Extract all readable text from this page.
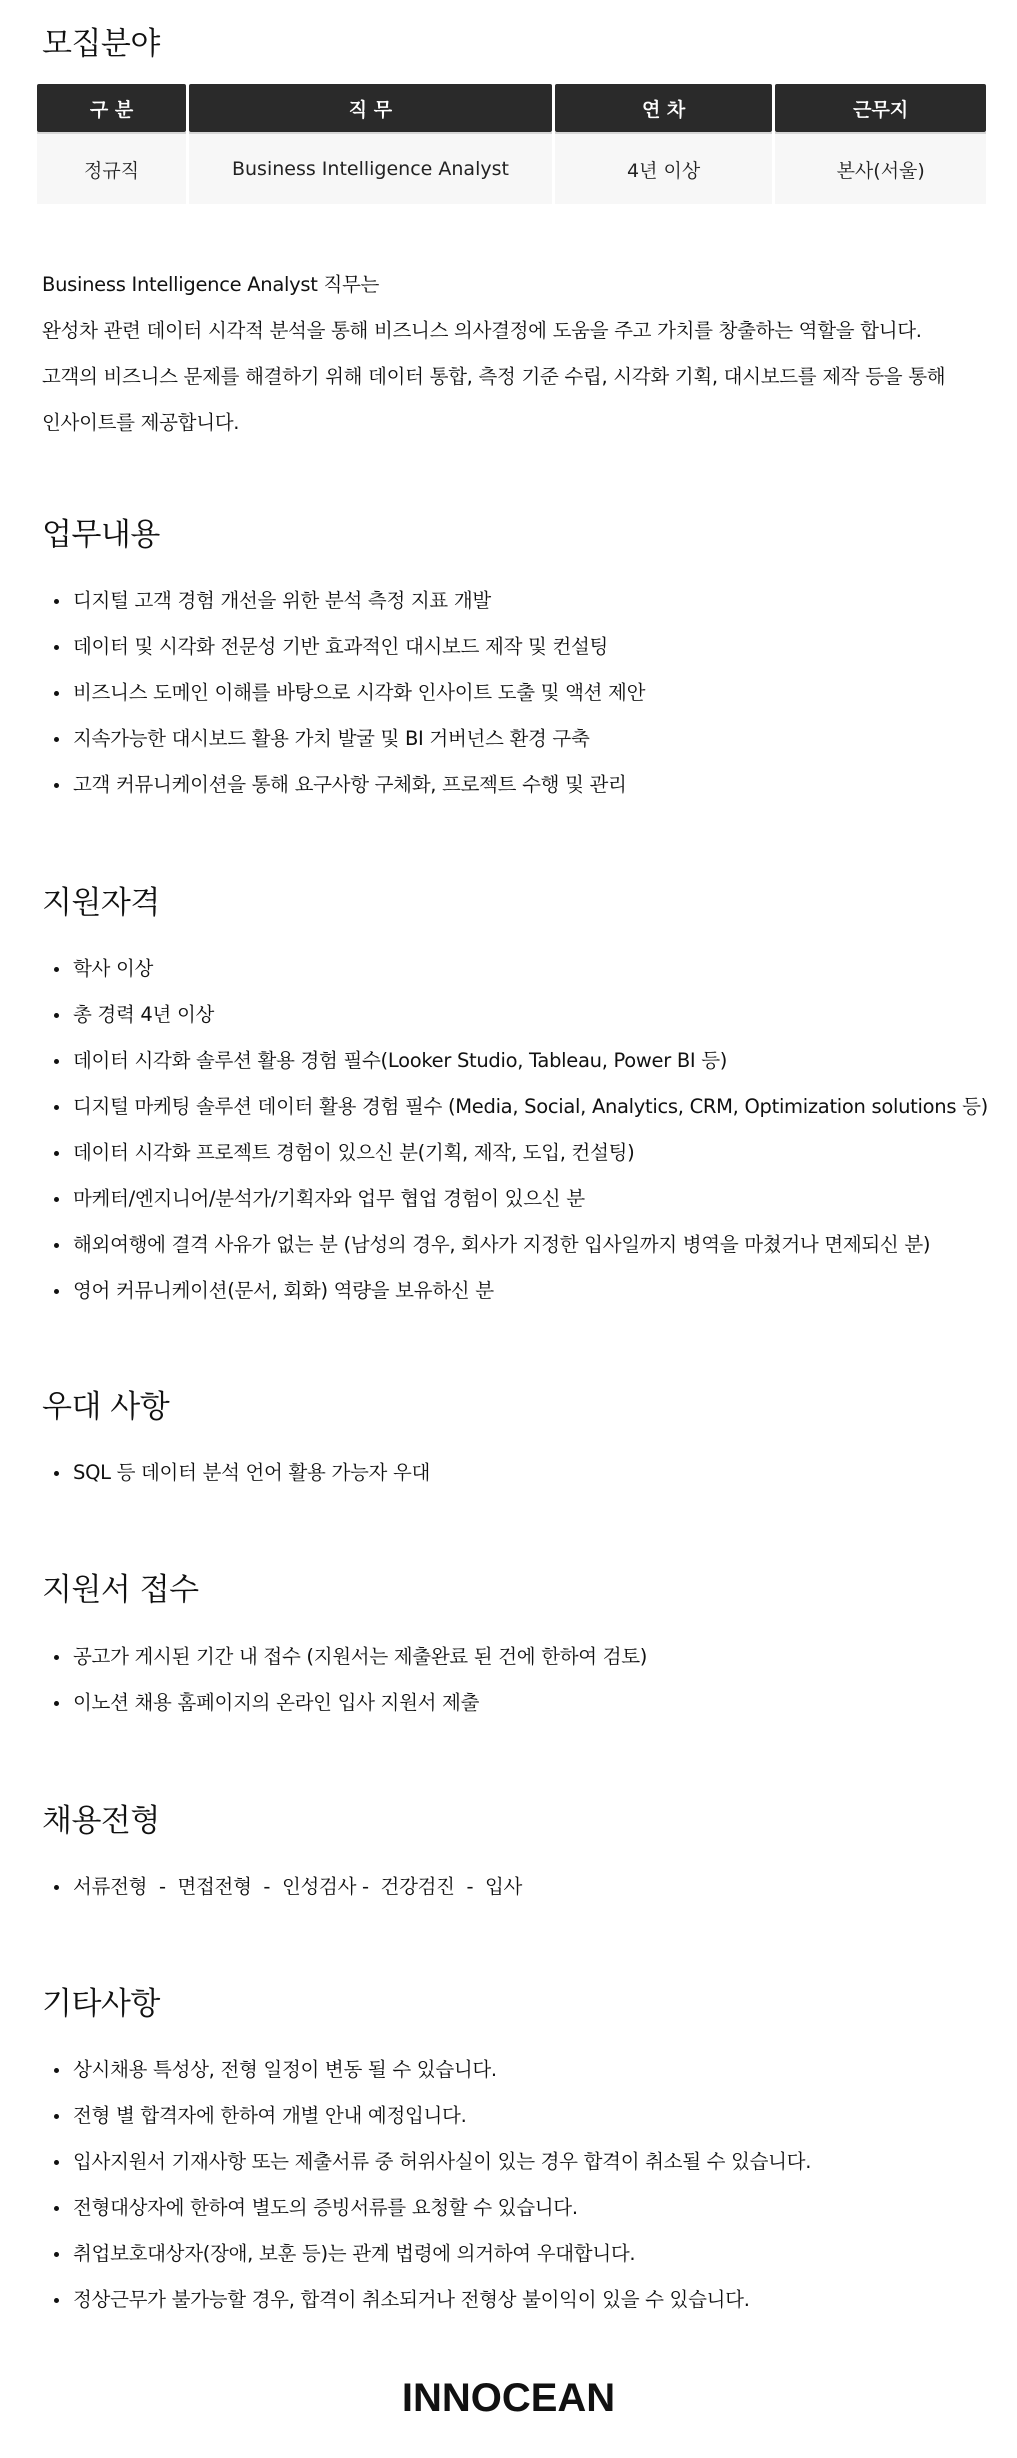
모집분야
구 분	직 무	연 차	근무지
정규직	Business Intelligence Analyst	4년 이상	본사(서울)

Business Intelligence Analyst 직무는

완성차 관련 데이터 시각적 분석을 통해 비즈니스 의사결정에 도움을 주고 가치를 창출하는 역할을 합니다.

고객의 비즈니스 문제를 해결하기 위해 데이터 통합, 측정 기준 수립, 시각화 기획, 대시보드를 제작 등을 통해

인사이트를 제공합니다.

업무내용
디지털 고객 경험 개선을 위한 분석 측정 지표 개발
데이터 및 시각화 전문성 기반 효과적인 대시보드 제작 및 컨설팅
비즈니스 도메인 이해를 바탕으로 시각화 인사이트 도출 및 액션 제안
지속가능한 대시보드 활용 가치 발굴 및 BI 거버넌스 환경 구축
고객 커뮤니케이션을 통해 요구사항 구체화, 프로젝트 수행 및 관리
지원자격
학사 이상
총 경력 4년 이상
데이터 시각화 솔루션 활용 경험 필수(Looker Studio, Tableau, Power BI 등)
디지털 마케팅 솔루션 데이터 활용 경험 필수 (Media, Social, Analytics, CRM, Optimization solutions 등)
데이터 시각화 프로젝트 경험이 있으신 분(기획, 제작, 도입, 컨설팅)
마케터/엔지니어/분석가/기획자와 업무 협업 경험이 있으신 분
해외여행에 결격 사유가 없는 분 (남성의 경우, 회사가 지정한 입사일까지 병역을 마쳤거나 면제되신 분)
영어 커뮤니케이션(문서, 회화) 역량을 보유하신 분
우대 사항
SQL 등 데이터 분석 언어 활용 가능자 우대
지원서 접수
공고가 게시된 기간 내 접수 (지원서는 제출완료 된 건에 한하여 검토)
이노션 채용 홈페이지의 온라인 입사 지원서 제출
채용전형
서류전형  -  면접전형  -  인성검사 -  건강검진  -  입사
기타사항
상시채용 특성상, 전형 일정이 변동 될 수 있습니다.
전형 별 합격자에 한하여 개별 안내 예정입니다.
입사지원서 기재사항 또는 제출서류 중 허위사실이 있는 경우 합격이 취소될 수 있습니다.
전형대상자에 한하여 별도의 증빙서류를 요청할 수 있습니다.
취업보호대상자(장애, 보훈 등)는 관계 법령에 의거하여 우대합니다.
정상근무가 불가능할 경우, 합격이 취소되거나 전형상 불이익이 있을 수 있습니다.
INNOCEAN
